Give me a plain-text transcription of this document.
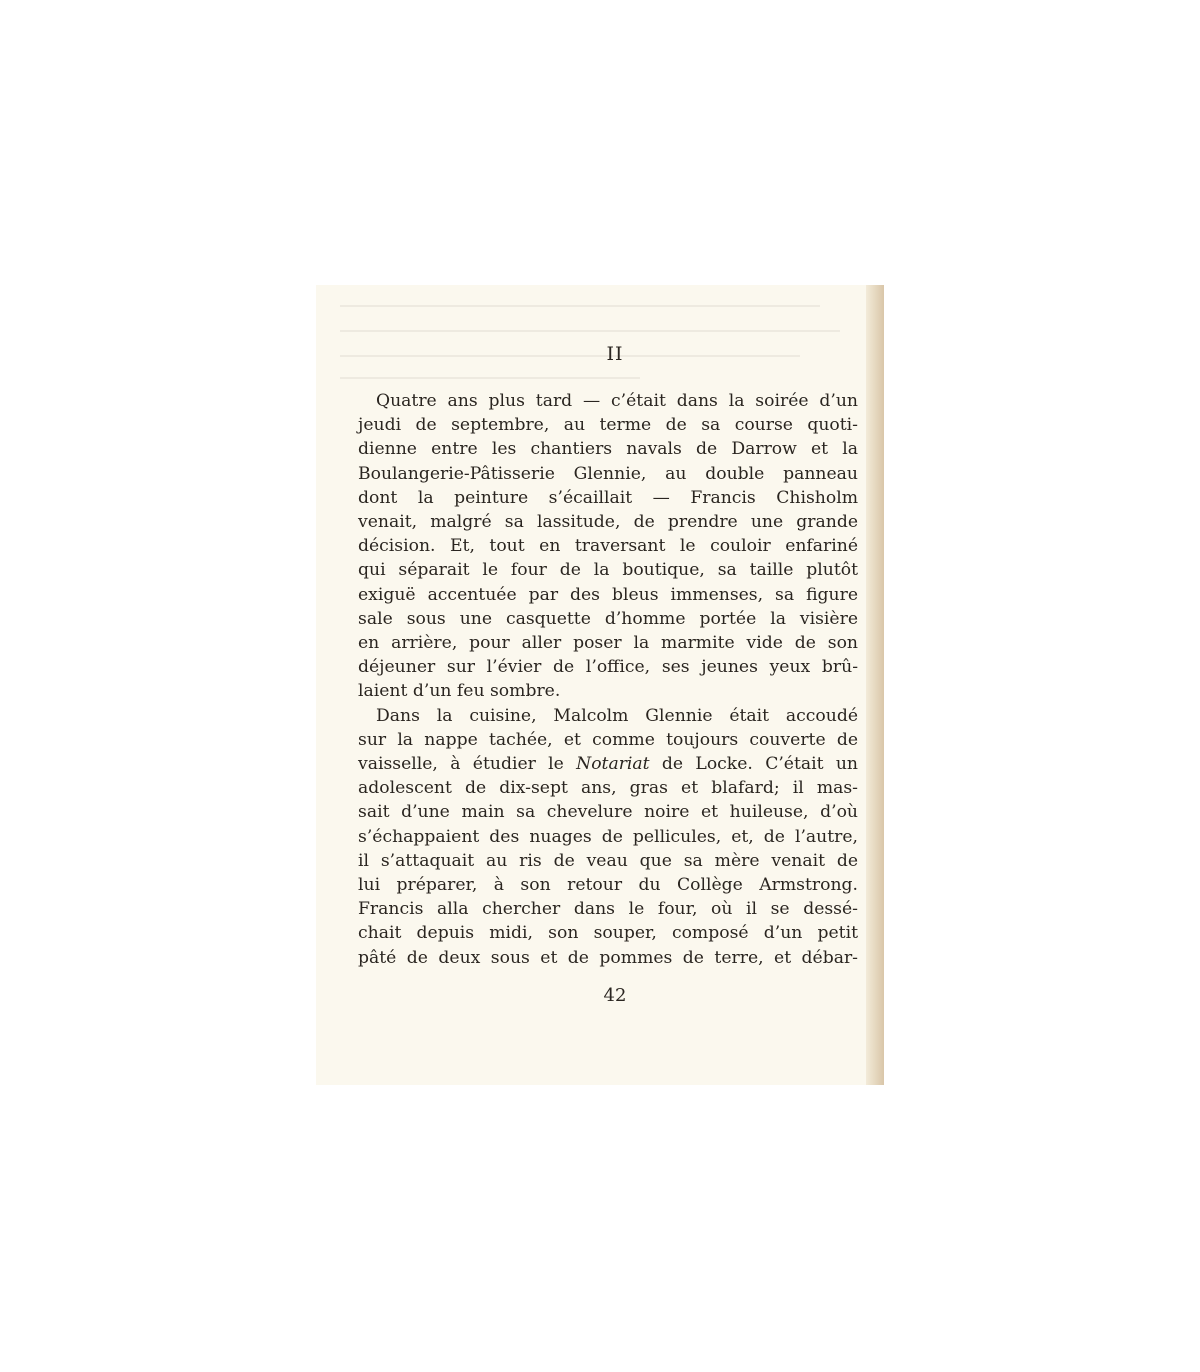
II

Quatre ans plus tard — c’était dans la soirée d’un
jeudi de septembre, au terme de sa course quoti-
dienne entre les chantiers navals de Darrow et la
Boulangerie-Pâtisserie Glennie, au double panneau
dont la peinture s’écaillait — Francis Chisholm
venait, malgré sa lassitude, de prendre une grande
décision. Et, tout en traversant le couloir enfariné
qui séparait le four de la boutique, sa taille plutôt
exiguë accentuée par des bleus immenses, sa figure
sale sous une casquette d’homme portée la visière
en arrière, pour aller poser la marmite vide de son
déjeuner sur l’évier de l’office, ses jeunes yeux brû-
laient d’un feu sombre.

Dans la cuisine, Malcolm Glennie était accoudé
sur la nappe tachée, et comme toujours couverte de
vaisselle, à étudier le Notariat de Locke. C’était un
adolescent de dix-sept ans, gras et blafard; il mas-
sait d’une main sa chevelure noire et huileuse, d’où
s’échappaient des nuages de pellicules, et, de l’autre,
il s’attaquait au ris de veau que sa mère venait de
lui préparer, à son retour du Collège Armstrong.
Francis alla chercher dans le four, où il se dessé-
chait depuis midi, son souper, composé d’un petit
pâté de deux sous et de pommes de terre, et débar-

42
